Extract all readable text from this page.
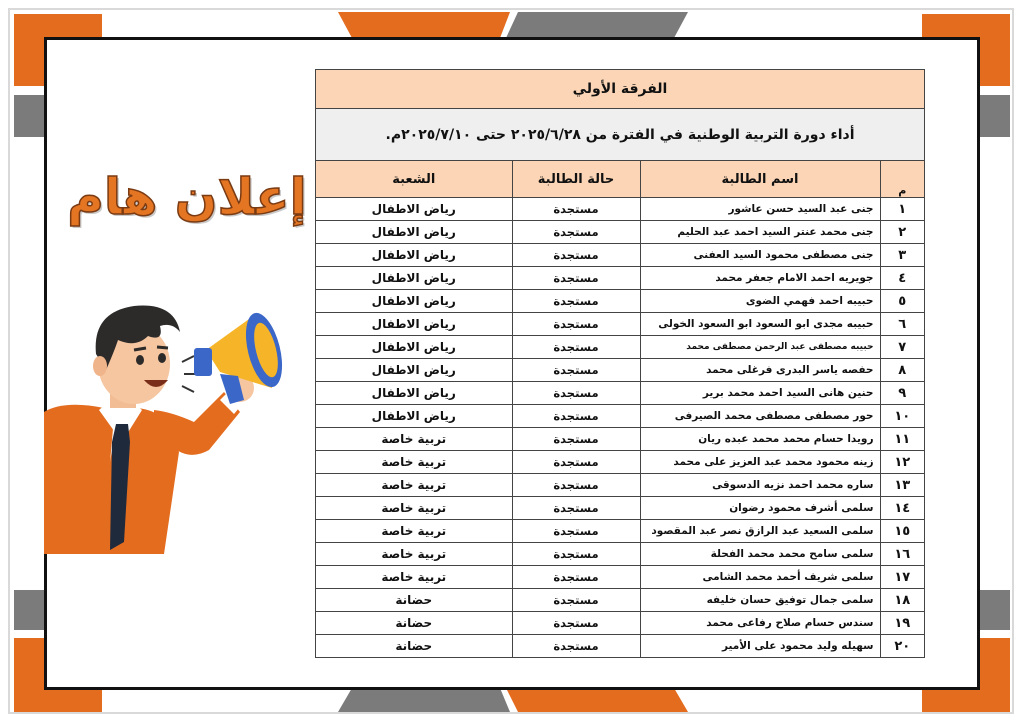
إعلان هام
الفرقة الأولي
أداء دورة التربية الوطنية في الفترة من ٢٠٢٥/٦/٢٨ حتى ٢٠٢٥/٧/١٠م.
م	اسم الطالبة	حالة الطالبة	الشعبة
١	جنى عبد السيد حسن عاشور	مستجدة	رياض الاطفال
٢	جنى محمد عنتر السيد احمد عبد الحليم	مستجدة	رياض الاطفال
٣	جنى مصطفى محمود السيد العفنى	مستجدة	رياض الاطفال
٤	جويريه احمد الامام جعفر محمد	مستجدة	رياض الاطفال
٥	حبيبه احمد فهمي الضوى	مستجدة	رياض الاطفال
٦	حبيبه مجدى ابو السعود ابو السعود الخولى	مستجدة	رياض الاطفال
٧	حبيبه مصطفى عبد الرحمن مصطفى محمد	مستجدة	رياض الاطفال
٨	حفصه ياسر البدرى فرغلى محمد	مستجدة	رياض الاطفال
٩	حنين هانى السيد احمد محمد برير	مستجدة	رياض الاطفال
١٠	حور مصطفى مصطفى محمد الصيرفى	مستجدة	رياض الاطفال
١١	رويدا حسام محمد محمد عبده ريان	مستجدة	تربية خاصة
١٢	زينه محمود محمد عبد العزيز على محمد	مستجدة	تربية خاصة
١٣	ساره محمد احمد نزيه الدسوقى	مستجدة	تربية خاصة
١٤	سلمى أشرف محمود رضوان	مستجدة	تربية خاصة
١٥	سلمى السعيد عبد الرازق نصر عبد المقصود	مستجدة	تربية خاصة
١٦	سلمى سامح محمد محمد الفحلة	مستجدة	تربية خاصة
١٧	سلمى شريف أحمد محمد الشامى	مستجدة	تربية خاصة
١٨	سلمى جمال توفيق حسان خليفه	مستجدة	حضانة
١٩	سندس حسام صلاح رفاعى محمد	مستجدة	حضانة
٢٠	سهيله وليد محمود على الأمير	مستجدة	حضانة
